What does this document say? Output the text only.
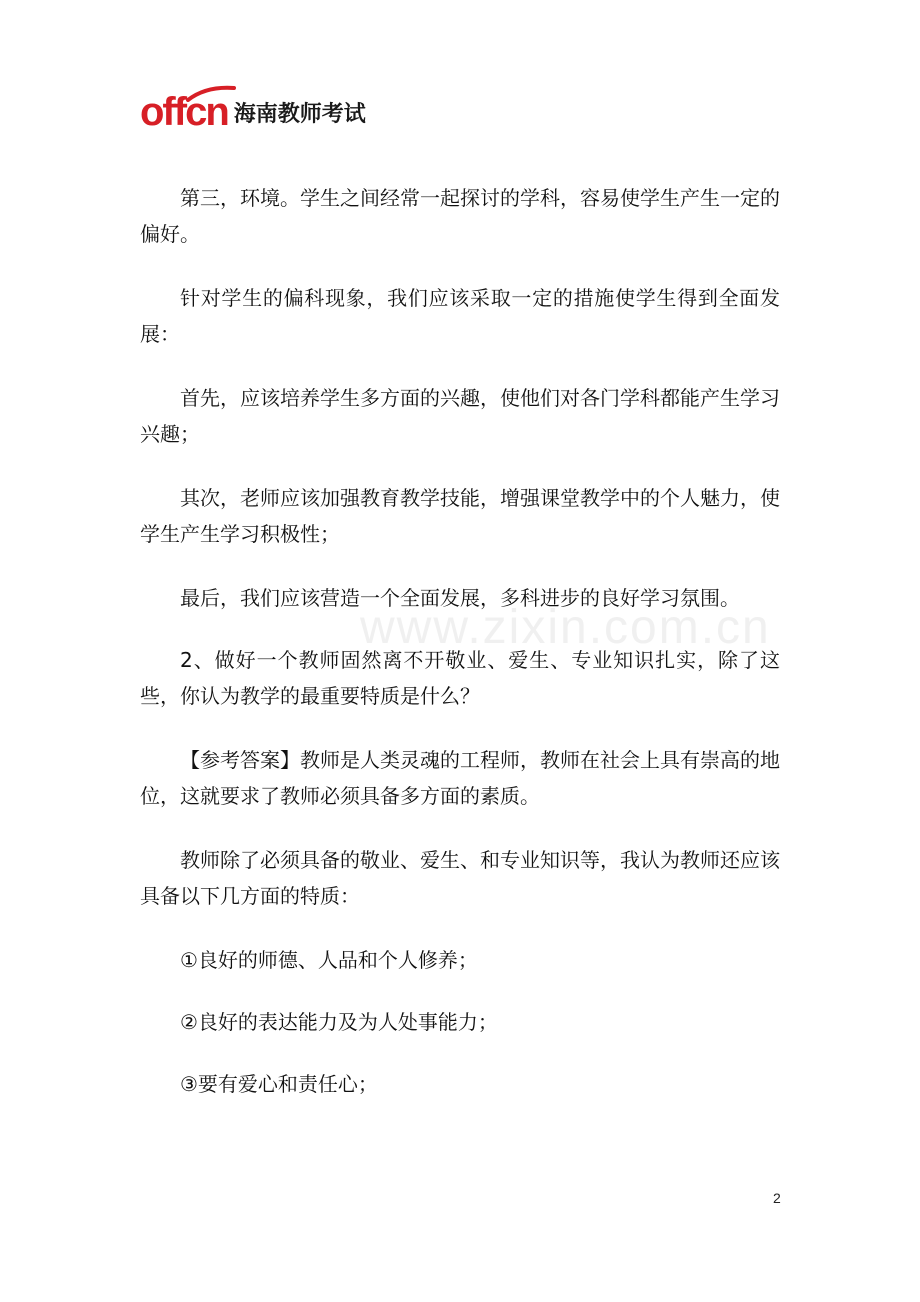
offcn 海南教师考试
www.zixin.com.cn

第三，环境。学生之间经常一起探讨的学科，容易使学生产生一定的偏好。

针对学生的偏科现象，我们应该采取一定的措施使学生得到全面发展：

首先，应该培养学生多方面的兴趣，使他们对各门学科都能产生学习兴趣；

其次，老师应该加强教育教学技能，增强课堂教学中的个人魅力，使学生产生学习积极性；

最后，我们应该营造一个全面发展，多科进步的良好学习氛围。

2、做好一个教师固然离不开敬业、爱生、专业知识扎实，除了这些，你认为教学的最重要特质是什么？

【参考答案】教师是人类灵魂的工程师，教师在社会上具有崇高的地位，这就要求了教师必须具备多方面的素质。

教师除了必须具备的敬业、爱生、和专业知识等，我认为教师还应该具备以下几方面的特质：

①良好的师德、人品和个人修养；

②良好的表达能力及为人处事能力；

③要有爱心和责任心；

2
